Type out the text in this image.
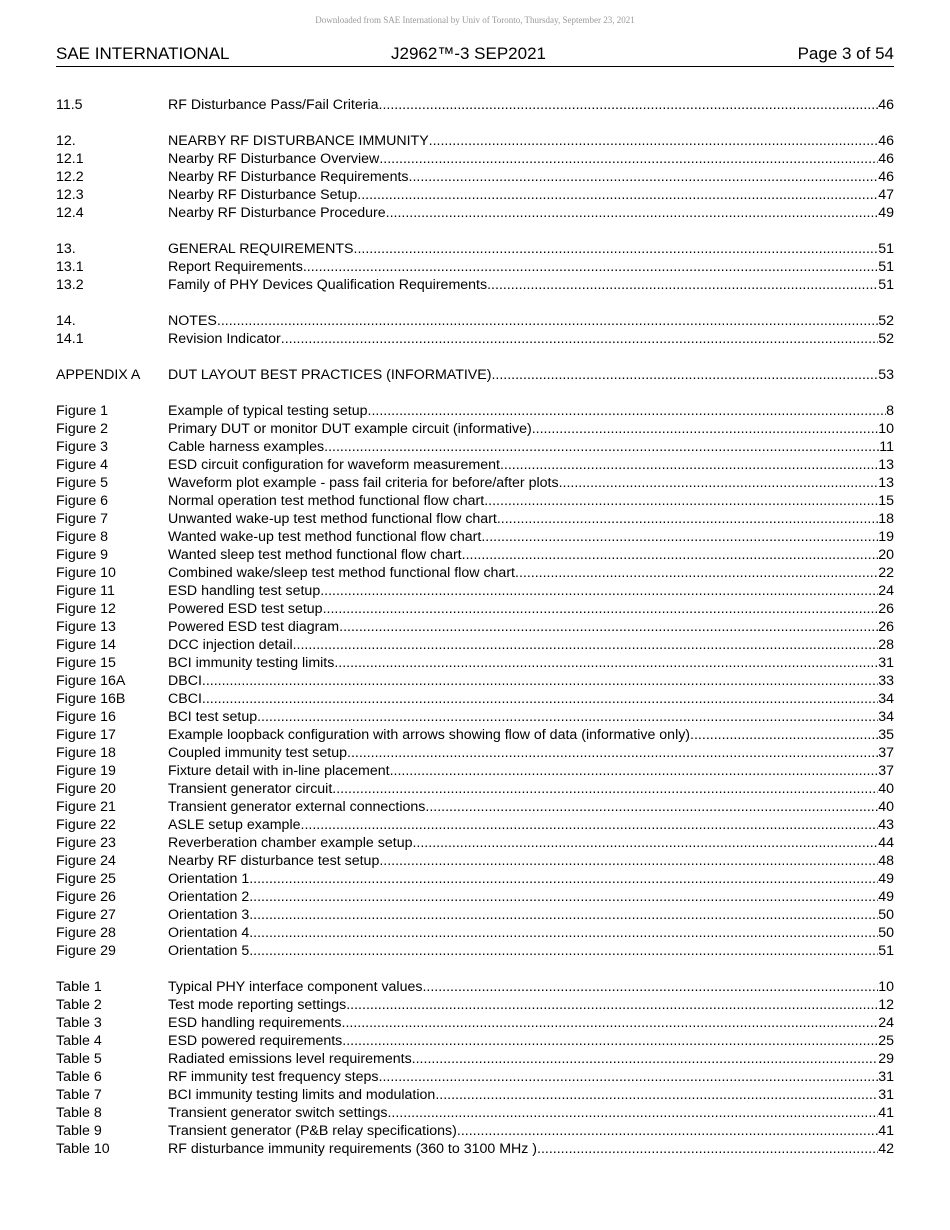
Downloaded from SAE International by Univ of Toronto, Thursday, September 23, 2021
SAE INTERNATIONAL	J2962™-3 SEP2021	Page 3 of 54
11.5	RF Disturbance Pass/Fail Criteria .....	46
12.	NEARBY RF DISTURBANCE IMMUNITY .....	46
12.1	Nearby RF Disturbance Overview .....	46
12.2	Nearby RF Disturbance Requirements .....	46
12.3	Nearby RF Disturbance Setup .....	47
12.4	Nearby RF Disturbance Procedure .....	49
13.	GENERAL REQUIREMENTS .....	51
13.1	Report Requirements .....	51
13.2	Family of PHY Devices Qualification Requirements .....	51
14.	NOTES .....	52
14.1	Revision Indicator .....	52
APPENDIX A	DUT LAYOUT BEST PRACTICES (INFORMATIVE) .....	53
Figure 1	Example of typical testing setup .....	8
Figure 2	Primary DUT or monitor DUT example circuit (informative) .....	10
Figure 3	Cable harness examples .....	11
Figure 4	ESD circuit configuration for waveform measurement .....	13
Figure 5	Waveform plot example - pass fail criteria for before/after plots .....	13
Figure 6	Normal operation test method functional flow chart .....	15
Figure 7	Unwanted wake-up test method functional flow chart .....	18
Figure 8	Wanted wake-up test method functional flow chart .....	19
Figure 9	Wanted sleep test method functional flow chart .....	20
Figure 10	Combined wake/sleep test method functional flow chart .....	22
Figure 11	ESD handling test setup .....	24
Figure 12	Powered ESD test setup .....	26
Figure 13	Powered ESD test diagram .....	26
Figure 14	DCC injection detail .....	28
Figure 15	BCI immunity testing limits .....	31
Figure 16A	DBCI .....	33
Figure 16B	CBCI .....	34
Figure 16	BCI test setup .....	34
Figure 17	Example loopback configuration with arrows showing flow of data (informative only) .....	35
Figure 18	Coupled immunity test setup .....	37
Figure 19	Fixture detail with in-line placement .....	37
Figure 20	Transient generator circuit .....	40
Figure 21	Transient generator external connections .....	40
Figure 22	ASLE setup example .....	43
Figure 23	Reverberation chamber example setup .....	44
Figure 24	Nearby RF disturbance test setup .....	48
Figure 25	Orientation 1 .....	49
Figure 26	Orientation 2 .....	49
Figure 27	Orientation 3 .....	50
Figure 28	Orientation 4 .....	50
Figure 29	Orientation 5 .....	51
Table 1	Typical PHY interface component values .....	10
Table 2	Test mode reporting settings .....	12
Table 3	ESD handling requirements .....	24
Table 4	ESD powered requirements .....	25
Table 5	Radiated emissions level requirements .....	29
Table 6	RF immunity test frequency steps .....	31
Table 7	BCI immunity testing limits and modulation .....	31
Table 8	Transient generator switch settings .....	41
Table 9	Transient generator (P&B relay specifications) .....	41
Table 10	RF disturbance immunity requirements (360 to 3100 MHz ) .....	42
